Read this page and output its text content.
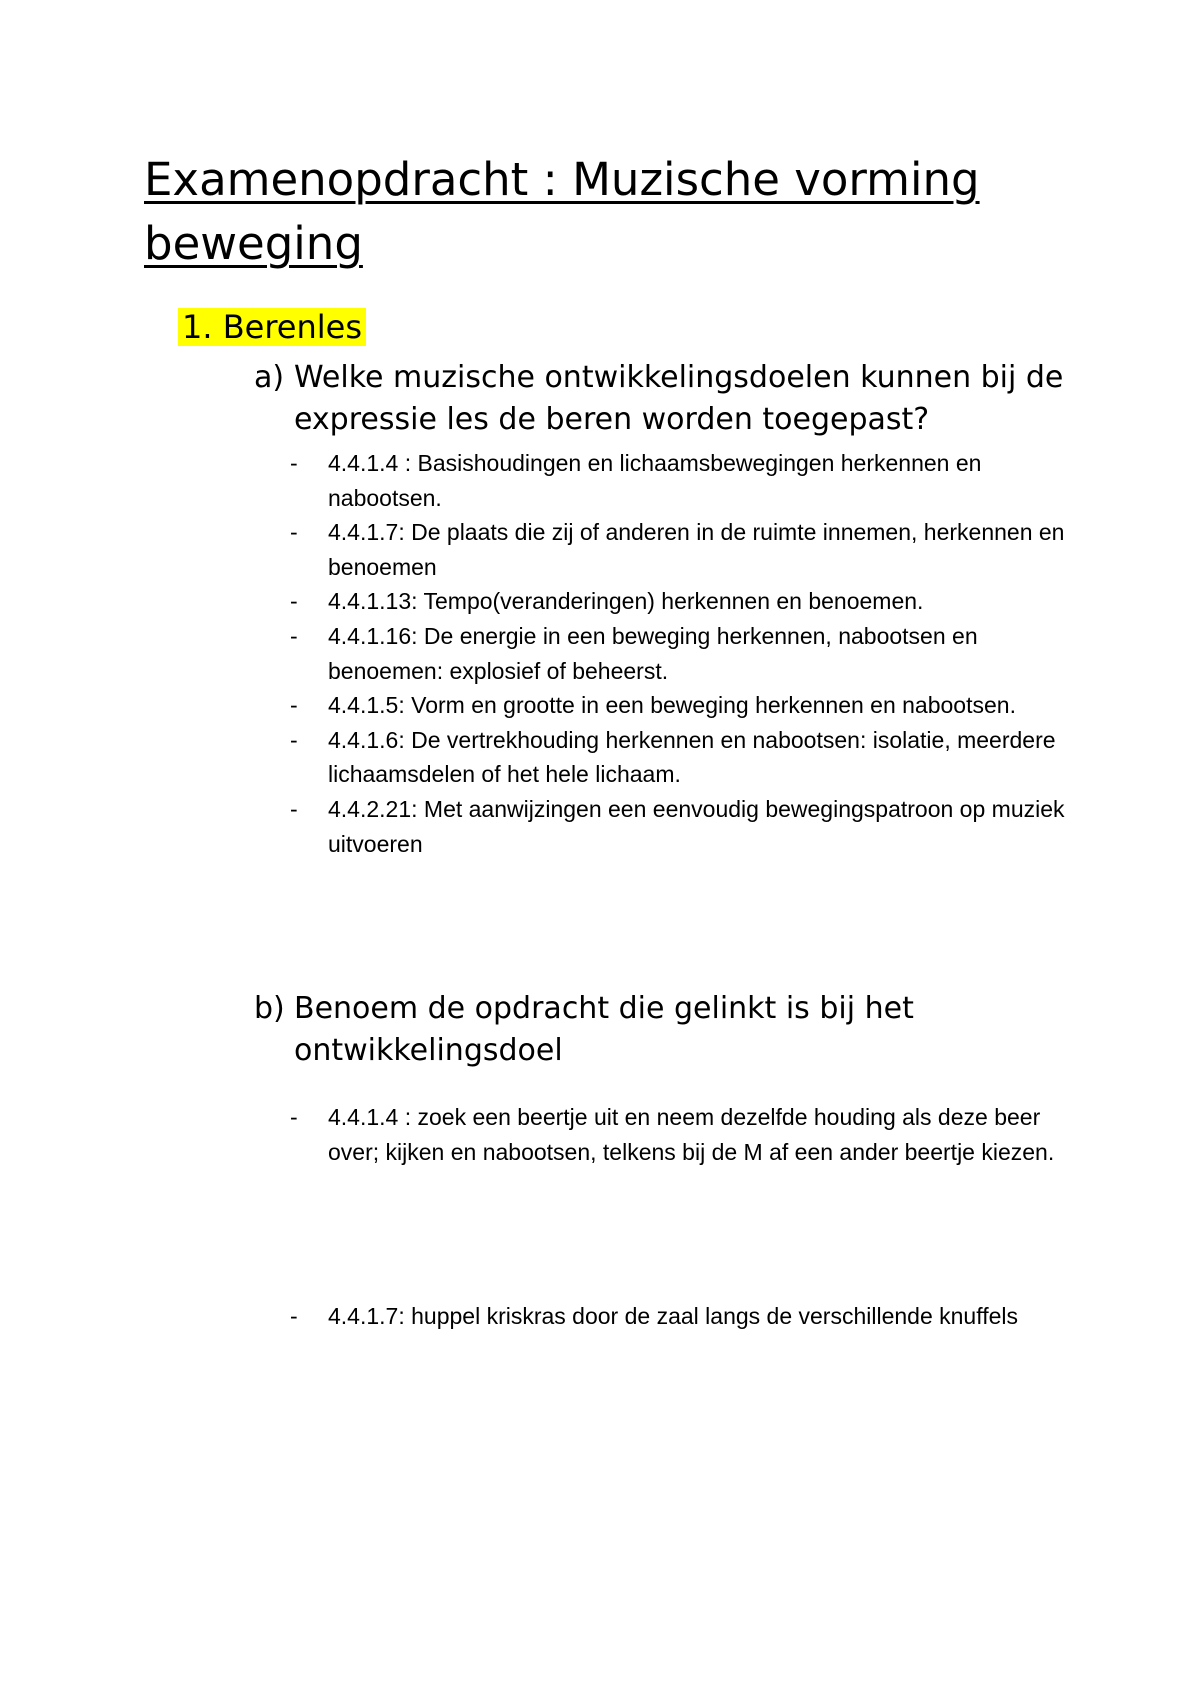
Examenopdracht : Muzische vorming beweging
1. Berenles
a) Welke muzische ontwikkelingsdoelen kunnen bij de expressie les de beren worden toegepast?
- 4.4.1.4 : Basishoudingen en lichaamsbewegingen herkennen en nabootsen.
- 4.4.1.7: De plaats die zij of anderen in de ruimte innemen, herkennen en benoemen
- 4.4.1.13: Tempo(veranderingen) herkennen en benoemen.
- 4.4.1.16: De energie in een beweging herkennen, nabootsen en benoemen: explosief of beheerst.
- 4.4.1.5: Vorm en grootte in een beweging herkennen en nabootsen.
- 4.4.1.6: De vertrekhouding herkennen en nabootsen: isolatie, meerdere lichaamsdelen of het hele lichaam.
- 4.4.2.21: Met aanwijzingen een eenvoudig bewegingspatroon op muziek uitvoeren
b) Benoem de opdracht die gelinkt is bij het ontwikkelingsdoel
- 4.4.1.4 : zoek een beertje uit en neem dezelfde houding als deze beer over; kijken en nabootsen, telkens bij de M af een ander beertje kiezen.
- 4.4.1.7: huppel kriskras door de zaal langs de verschillende knuffels
